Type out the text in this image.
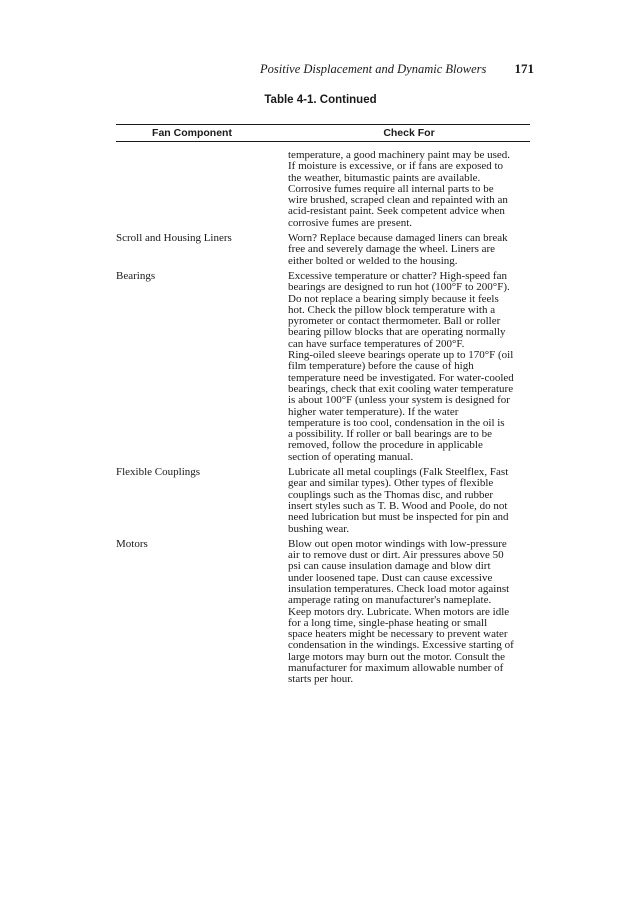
Positive Displacement and Dynamic Blowers 171
Table 4-1. Continued
Fan Component	Check For
temperature, a good machinery paint may be used.
If moisture is excessive, or if fans are exposed to
the weather, bitumastic paints are available.
Corrosive fumes require all internal parts to be
wire brushed, scraped clean and repainted with an
acid-resistant paint. Seek competent advice when
corrosive fumes are present.
Scroll and Housing Liners	Worn? Replace because damaged liners can break
free and severely damage the wheel. Liners are
either bolted or welded to the housing.
Bearings	Excessive temperature or chatter? High-speed fan
bearings are designed to run hot (100°F to 200°F).
Do not replace a bearing simply because it feels
hot. Check the pillow block temperature with a
pyrometer or contact thermometer. Ball or roller
bearing pillow blocks that are operating normally
can have surface temperatures of 200°F.
Ring-oiled sleeve bearings operate up to 170°F (oil
film temperature) before the cause of high
temperature need be investigated. For water-cooled
bearings, check that exit cooling water temperature
is about 100°F (unless your system is designed for
higher water temperature). If the water
temperature is too cool, condensation in the oil is
a possibility. If roller or ball bearings are to be
removed, follow the procedure in applicable
section of operating manual.
Flexible Couplings	Lubricate all metal couplings (Falk Steelflex, Fast
gear and similar types). Other types of flexible
couplings such as the Thomas disc, and rubber
insert styles such as T. B. Wood and Poole, do not
need lubrication but must be inspected for pin and
bushing wear.
Motors	Blow out open motor windings with low-pressure
air to remove dust or dirt. Air pressures above 50
psi can cause insulation damage and blow dirt
under loosened tape. Dust can cause excessive
insulation temperatures. Check load motor against
amperage rating on manufacturer's nameplate.
Keep motors dry. Lubricate. When motors are idle
for a long time, single-phase heating or small
space heaters might be necessary to prevent water
condensation in the windings. Excessive starting of
large motors may burn out the motor. Consult the
manufacturer for maximum allowable number of
starts per hour.
